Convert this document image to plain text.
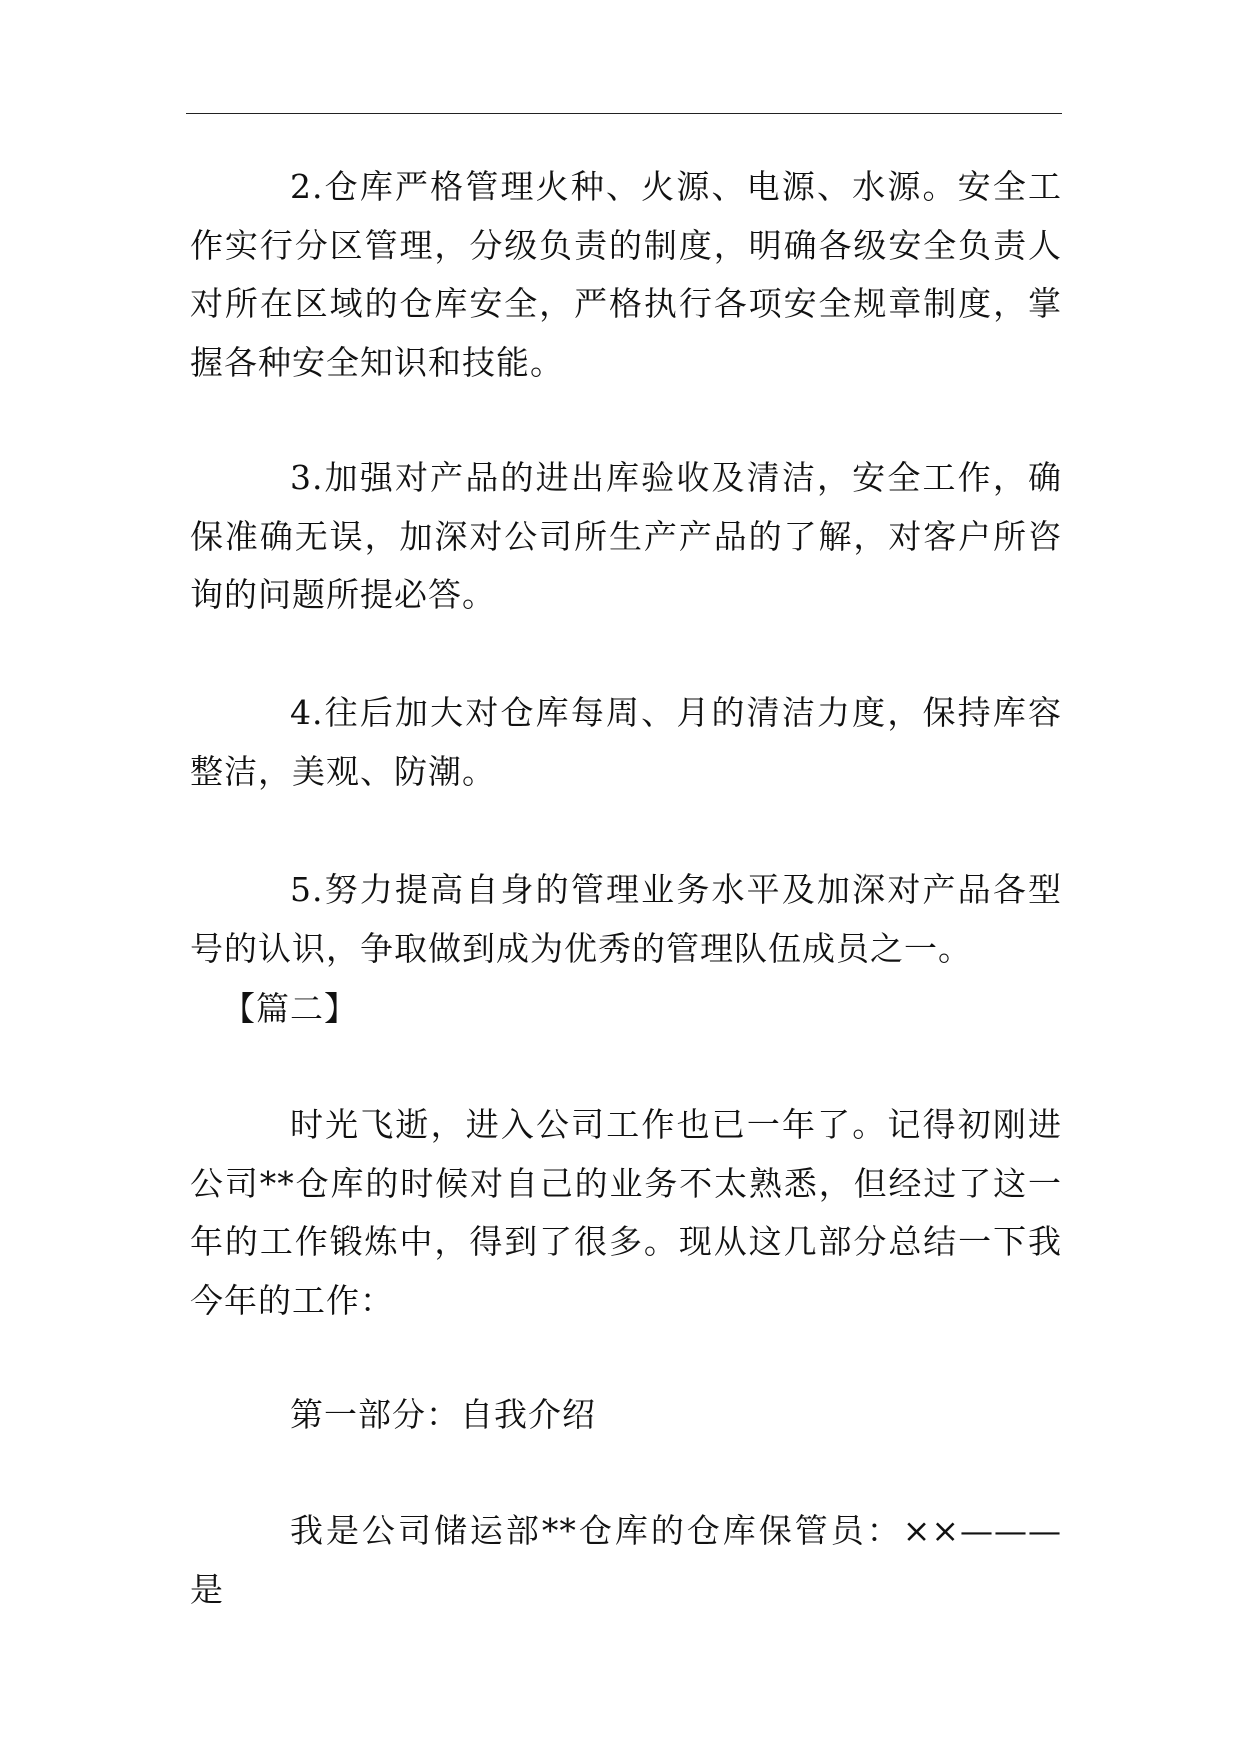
2.仓库严格管理火种、火源、电源、水源。安全工作实行分区管理，分级负责的制度，明确各级安全负责人对所在区域的仓库安全，严格执行各项安全规章制度，掌握各种安全知识和技能。

3.加强对产品的进出库验收及清洁，安全工作，确保准确无误，加深对公司所生产产品的了解，对客户所咨询的问题所提必答。

4.往后加大对仓库每周、月的清洁力度，保持库容整洁，美观、防潮。

5.努力提高自身的管理业务水平及加深对产品各型号的认识，争取做到成为优秀的管理队伍成员之一。

【篇二】

时光飞逝，进入公司工作也已一年了。记得初刚进公司**仓库的时候对自己的业务不太熟悉，但经过了这一年的工作锻炼中，得到了很多。现从这几部分总结一下我今年的工作：

第一部分：自我介绍

我是公司储运部**仓库的仓库保管员：××———是
